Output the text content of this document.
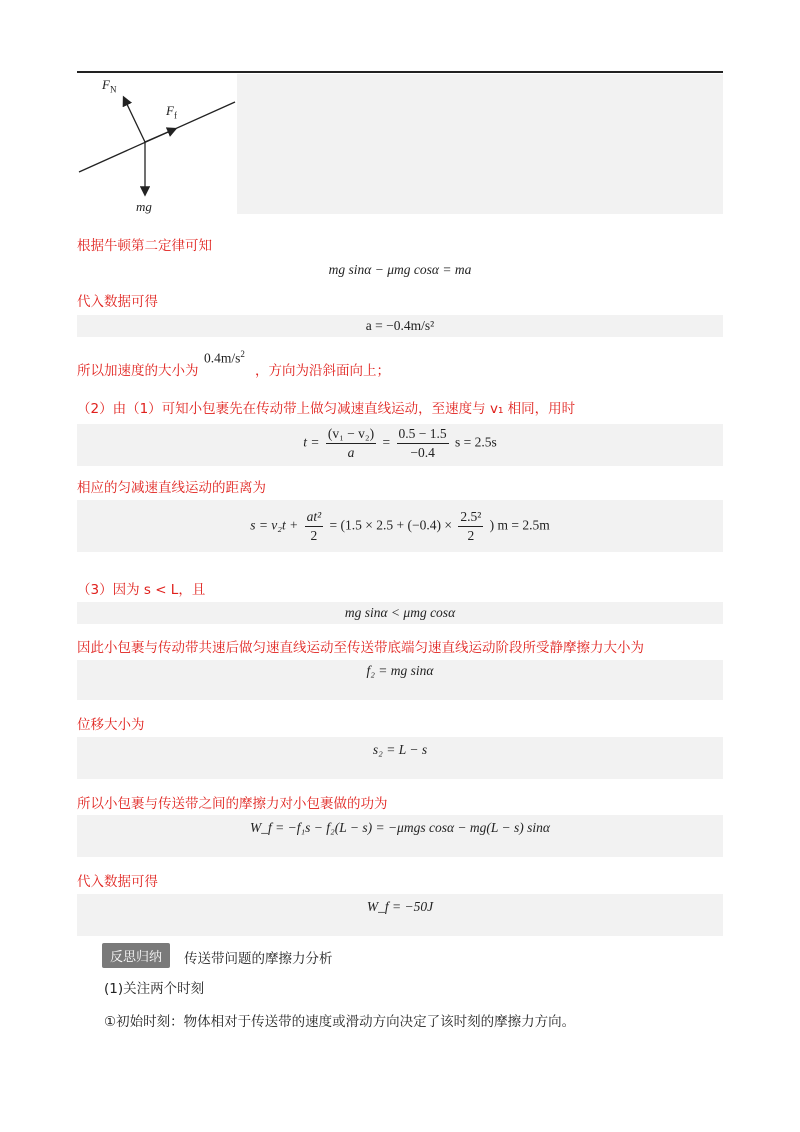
$F_N$
$F_f$
mg
根据牛顿第二定律可知
mg sinα − μmg cosα = ma
代入数据可得
a = −0.4m/s²
所以加速度的大小为
$0.4m/s^2$
，方向为沿斜面向上；
（2）由（1）可知小包裹先在传动带上做匀减速直线运动，至速度与 v₁ 相同，用时
$t = \frac{\text{(v₁ − v₂)}}{a} = \frac{0.5 - 1.5}{-0.4}$ s = 2.5s
相应的匀减速直线运动的距离为
$s = v_2t + \frac{\text{at²}}{2} = (1.5 \times 2.5 + (-0.4) \times \frac{\text{2.5²}}{2}$ ) m = 2.5m
（3）因为 s < L，且
mg sinα < μmg cosα
因此小包裹与传动带共速后做匀速直线运动至传送带底端匀速直线运动阶段所受静摩擦力大小为
f₂ = mg sinα
位移大小为
s₂ = L − s
所以小包裹与传送带之间的摩擦力对小包裹做的功为
W_f = −f₁s − f₂(L − s) = −μmgs cosα − mg(L − s) sinα
代入数据可得
W_f = −50J
反思归纳	传送带问题的摩擦力分析
(1)关注两个时刻
①初始时刻：物体相对于传送带的速度或滑动方向决定了该时刻的摩擦力方向。
